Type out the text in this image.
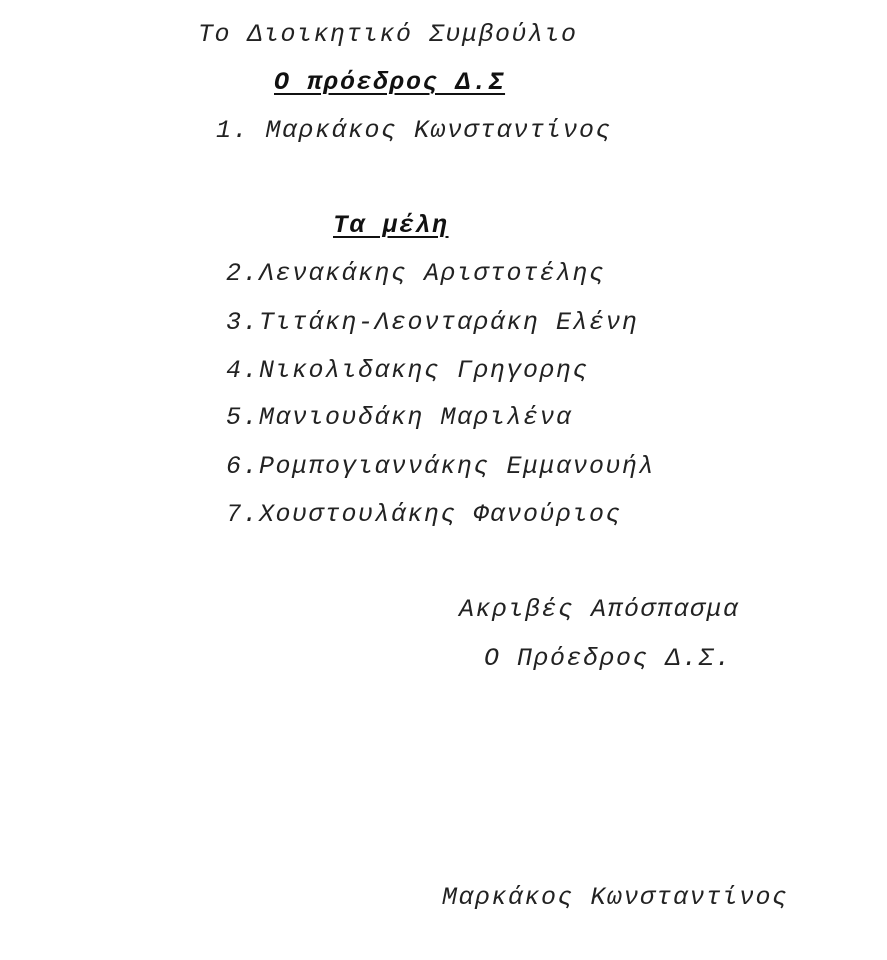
Το Διοικητικό Συμβούλιο
Ο πρόεδρος Δ.Σ
1. Μαρκάκος Κωνσταντίνος
Τα μέλη
2.Λενακάκης Αριστοτέλης
3.Τιτάκη-Λεονταράκη Ελένη
4.Νικολιδακης Γρηγορης
5.Μανιουδάκη Μαριλένα
6.Ρομπογιαννάκης Εμμανουήλ
7.Χουστουλάκης Φανούριος
Ακριβές Απόσπασμα
Ο Πρόεδρος Δ.Σ.
Μαρκάκος Κωνσταντίνος
